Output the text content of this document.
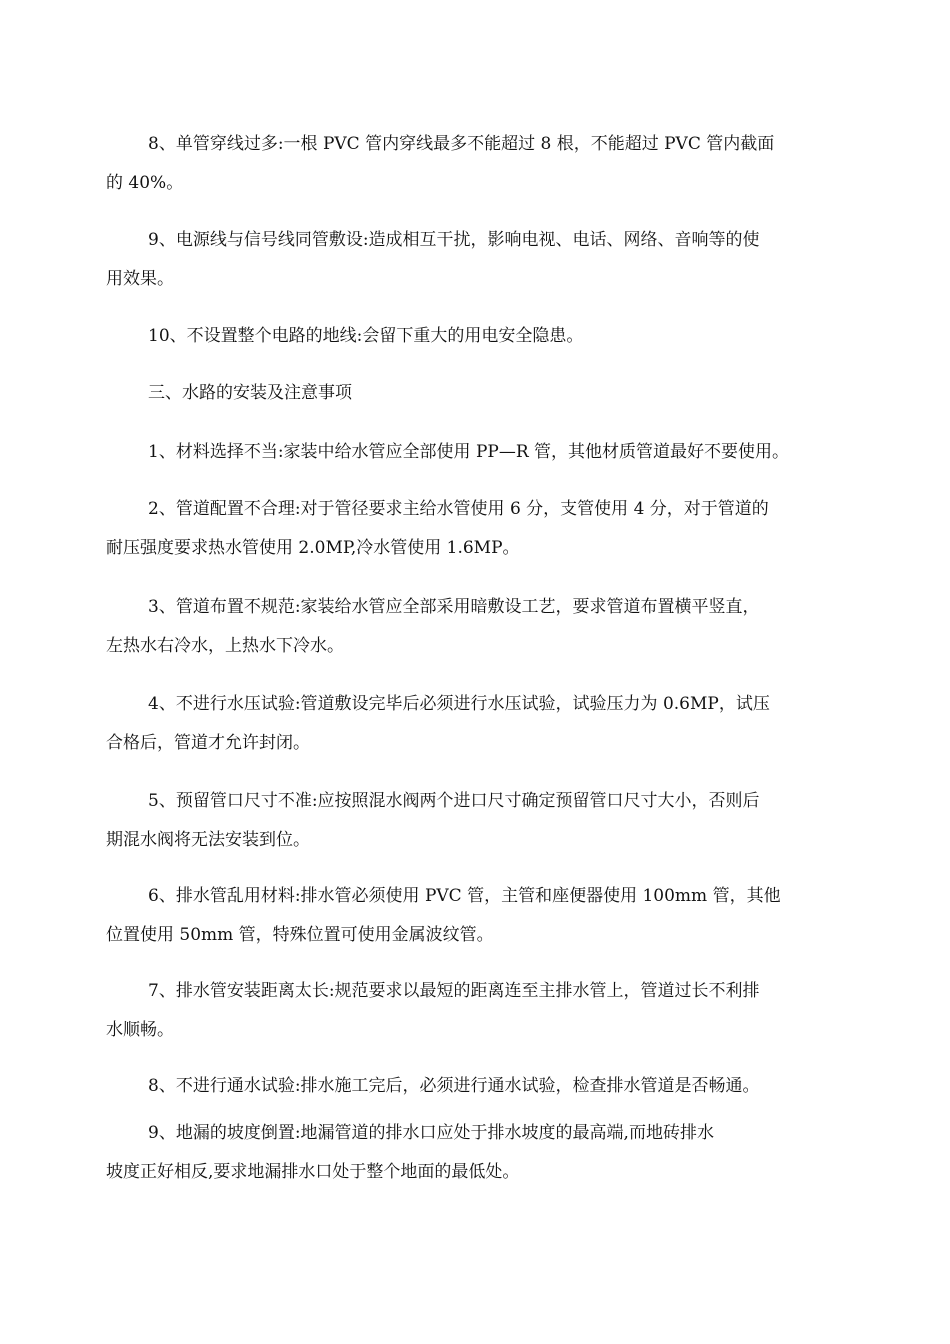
8、单管穿线过多:一根 PVC 管内穿线最多不能超过 8 根，不能超过 PVC 管内截面
的 40%。
9、电源线与信号线同管敷设:造成相互干扰，影响电视、电话、网络、音响等的使
用效果。
10、不设置整个电路的地线:会留下重大的用电安全隐患。
三、水路的安装及注意事项
1、材料选择不当:家装中给水管应全部使用 PP—R 管，其他材质管道最好不要使用。
2、管道配置不合理:对于管径要求主给水管使用 6 分，支管使用 4 分，对于管道的
耐压强度要求热水管使用 2.0MP,冷水管使用 1.6MP。
3、管道布置不规范:家装给水管应全部采用暗敷设工艺，要求管道布置横平竖直，
左热水右冷水，上热水下冷水。
4、不进行水压试验:管道敷设完毕后必须进行水压试验，试验压力为 0.6MP，试压
合格后，管道才允许封闭。
5、预留管口尺寸不准:应按照混水阀两个进口尺寸确定预留管口尺寸大小，否则后
期混水阀将无法安装到位。
6、排水管乱用材料:排水管必须使用 PVC 管，主管和座便器使用 100mm 管，其他
位置使用 50mm 管，特殊位置可使用金属波纹管。
7、排水管安装距离太长:规范要求以最短的距离连至主排水管上，管道过长不利排
水顺畅。
8、不进行通水试验:排水施工完后，必须进行通水试验，检查排水管道是否畅通。
9、地漏的坡度倒置:地漏管道的排水口应处于排水坡度的最高端,而地砖排水
坡度正好相反,要求地漏排水口处于整个地面的最低处。
